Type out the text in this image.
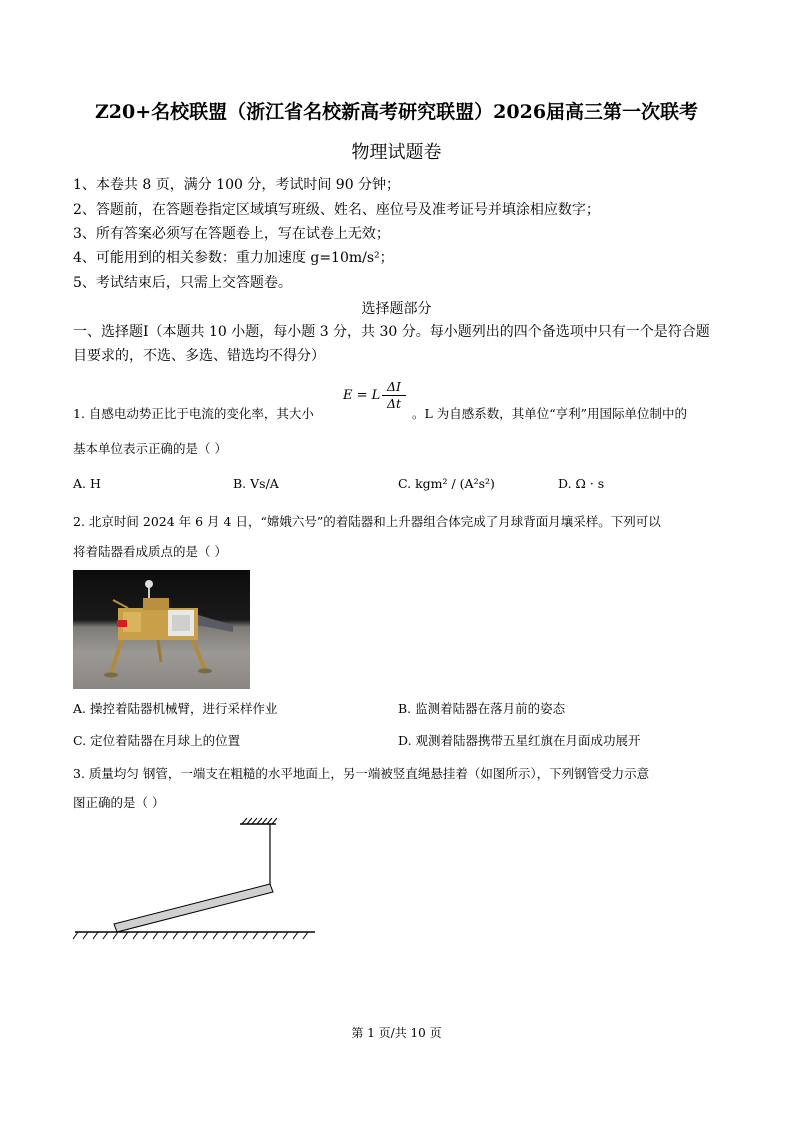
Z20+名校联盟（浙江省名校新高考研究联盟）2026届高三第一次联考
物理试题卷
1、本卷共 8 页，满分 100 分，考试时间 90 分钟；
2、答题前，在答题卷指定区域填写班级、姓名、座位号及准考证号并填涂相应数字；
3、所有答案必须写在答题卷上，写在试卷上无效；
4、可能用到的相关参数：重力加速度 g=10m/s²；
5、考试结束后，只需上交答题卷。
选择题部分
一、选择题Ⅰ（本题共 10 小题，每小题 3 分，共 30 分。每小题列出的四个备选项中只有一个是符合题目要求的，不选、多选、错选均不得分）
1. 自感电动势正比于电流的变化率，其大小
E = L $\frac{\Delta I}{\Delta t}$
。L 为自感系数，其单位“亨利”用国际单位制中的
基本单位表示正确的是（ ）
A. H	B. Vs/A	C. kgm² / (A²s²)	D. Ω · s
2. 北京时间 2024 年 6 月 4 日，“嫦娥六号”的着陆器和上升器组合体完成了月球背面月壤采样。下列可以
将着陆器看成质点的是（ ）
A. 操控着陆器机械臂，进行采样作业	B. 监测着陆器在落月前的姿态
C. 定位着陆器在月球上的位置	D. 观测着陆器携带五星红旗在月面成功展开
3. 质量均匀 钢管，一端支在粗糙的水平地面上，另一端被竖直绳悬挂着（如图所示），下列钢管受力示意
图正确的是（ ）
第 1 页/共 10 页
